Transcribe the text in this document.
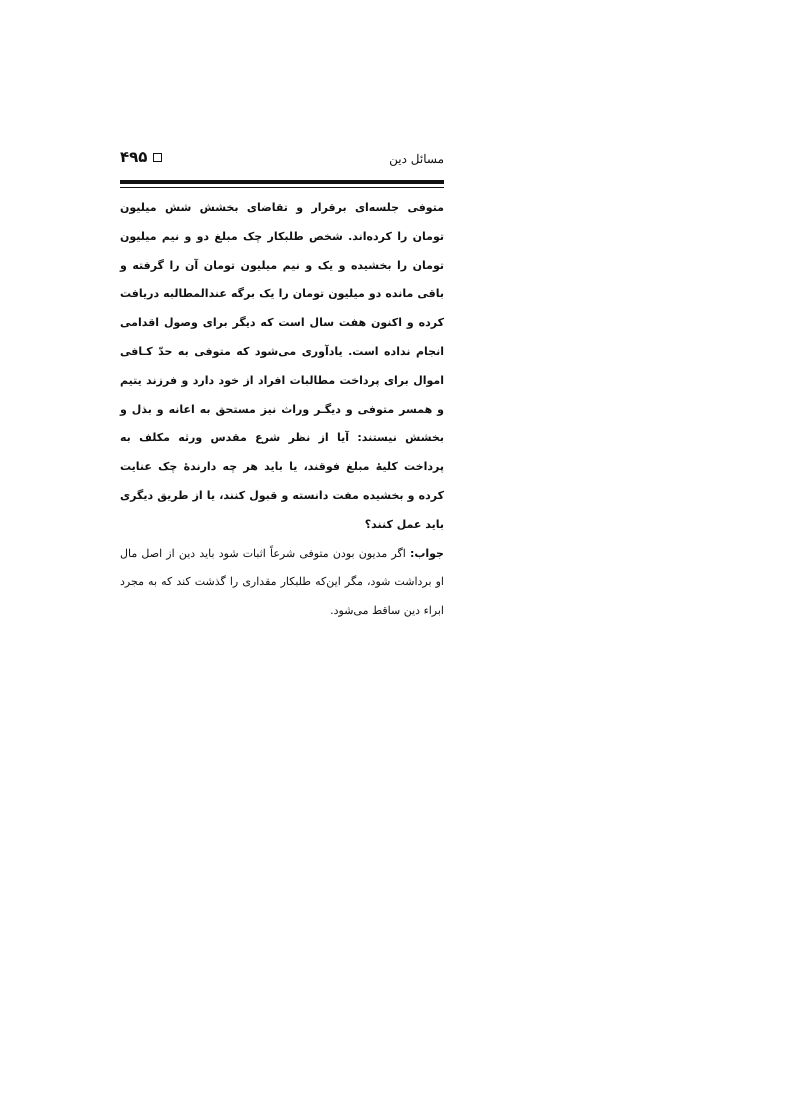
مسائل دين
۴۹۵

متوفی جلسه‌ای برقرار و تقاضای بخشش شش میلیون تومان را کرده‌اند. شخص طلبکار چک مبلغ دو و نیم میلیون تومان را بخشیده و یک و نیم میلیون تومان آن را گرفته و باقی مانده دو میلیون تومان را یک برگه عندالمطالبه دریافت کرده و اکنون هفت سال است که دیگر برای وصول اقدامی انجام نداده است. یادآوری می‌شود که متوفی به حدّ کـافی اموال برای پرداخت مطالبات افراد از خود دارد و فرزند یتیم و همسر متوفی و دیگـر وراث نیز مستحق به اعانه و بذل و بخشش نیستند: آیا از نظر شرع مقدس ورثه مکلف به پرداخت کلیهٔ مبلغ فوقند، یا باید هر چه دارندهٔ چک عنایت کرده و بخشیده مفت دانسته و قبول کنند، یا از طریق دیگری باید عمل کنند؟

جواب: اگر مدیون بودن متوفی شرعاً اثبات شود باید دین از اصل مال او برداشت شود، مگر این‌که طلبکار مقداری را گذشت کند که به مجرد ابراء دین ساقط می‌شود.
